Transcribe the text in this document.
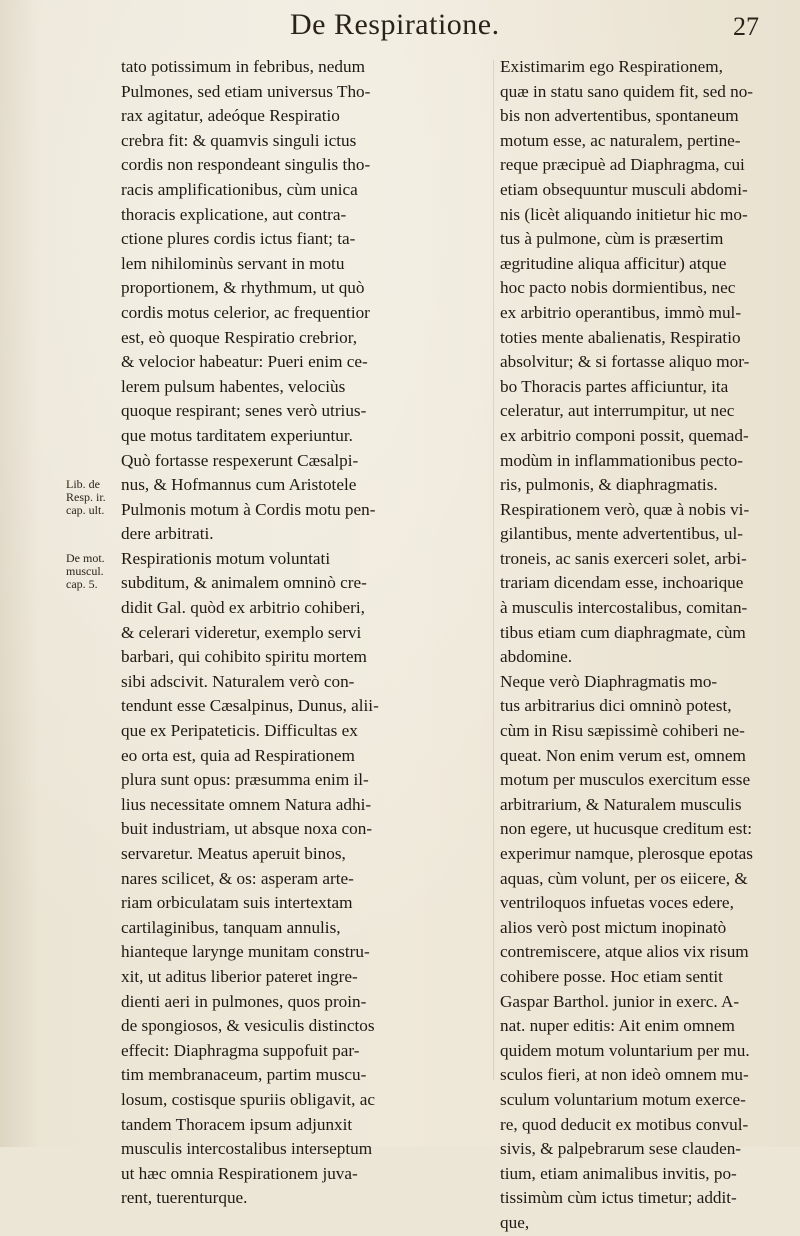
De Respiratione.	27
Lib. de Resp. ir. cap. ult.
De mot. muscul. cap. 5.
tato potissimum in febribus, nedum
Pulmones, sed etiam universus Tho-
rax agitatur, adeóque Respiratio
crebra fit: & quamvis singuli ictus
cordis non respondeant singulis tho-
racis amplificationibus, cùm unica
thoracis explicatione, aut contra-
ctione plures cordis ictus fiant; ta-
lem nihilominùs servant in motu
proportionem, & rhythmum, ut quò
cordis motus celerior, ac frequentior
est, eò quoque Respiratio crebrior,
& velocior habeatur: Pueri enim ce-
lerem pulsum habentes, velociùs
quoque respirant; senes verò utrius-
que motus tarditatem experiuntur.
Quò fortasse respexerunt Cæsalpi-
nus, & Hofmannus cum Aristotele
Pulmonis motum à Cordis motu pen-
dere arbitrati.
Respirationis motum voluntati
subditum, & animalem omninò cre-
didit Gal. quòd ex arbitrio cohiberi,
& celerari videretur, exemplo servi
barbari, qui cohibito spiritu mortem
sibi adscivit. Naturalem verò con-
tendunt esse Cæsalpinus, Dunus, alii-
que ex Peripateticis. Difficultas ex
eo orta est, quia ad Respirationem
plura sunt opus: præsumma enim il-
lius necessitate omnem Natura adhi-
buit industriam, ut absque noxa con-
servaretur. Meatus aperuit binos,
nares scilicet, & os: asperam arte-
riam orbiculatam suis intertextam
cartilaginibus, tanquam annulis,
hianteque larynge munitam constru-
xit, ut aditus liberior pateret ingre-
dienti aeri in pulmones, quos proin-
de spongiosos, & vesiculis distinctos
effecit: Diaphragma suppofuit par-
tim membranaceum, partim muscu-
losum, costisque spuriis obligavit, ac
tandem Thoracem ipsum adjunxit
musculis intercostalibus interseptum
ut hæc omnia Respirationem juva-
rent, tuerenturque.
Existimarim ego Respirationem,
quæ in statu sano quidem fit, sed no-
bis non advertentibus, spontaneum
motum esse, ac naturalem, pertine-
reque præcipuè ad Diaphragma, cui
etiam obsequuntur musculi abdomi-
nis (licèt aliquando initietur hic mo-
tus à pulmone, cùm is præsertim
ægritudine aliqua afficitur) atque
hoc pacto nobis dormientibus, nec
ex arbitrio operantibus, immò mul-
toties mente abalienatis, Respiratio
absolvitur; & si fortasse aliquo mor-
bo Thoracis partes afficiuntur, ita
celeratur, aut interrumpitur, ut nec
ex arbitrio componi possit, quemad-
modùm in inflammationibus pecto-
ris, pulmonis, & diaphragmatis.
Respirationem verò, quæ à nobis vi-
gilantibus, mente advertentibus, ul-
troneis, ac sanis exerceri solet, arbi-
trariam dicendam esse, inchoarique
à musculis intercostalibus, comitan-
tibus etiam cum diaphragmate, cùm
abdomine.
Neque verò Diaphragmatis mo-
tus arbitrarius dici omninò potest,
cùm in Risu sæpissimè cohiberi ne-
queat. Non enim verum est, omnem
motum per musculos exercitum esse
arbitrarium, & Naturalem musculis
non egere, ut hucusque creditum est:
experimur namque, plerosque epotas
aquas, cùm volunt, per os eiicere, &
ventriloquos infuetas voces edere,
alios verò post mictum inopinatò
contremiscere, atque alios vix risum
cohibere posse. Hoc etiam sentit
Gaspar Barthol. junior in exerc. A-
nat. nuper editis: Ait enim omnem
quidem motum voluntarium per mu.
sculos fieri, at non ideò omnem mu-
sculum voluntarium motum exerce-
re, quod deducit ex motibus convul-
sivis, & palpebrarum sese clauden-
tium, etiam animalibus invitis, po-
tissimùm cùm ictus timetur; addit-
que,
